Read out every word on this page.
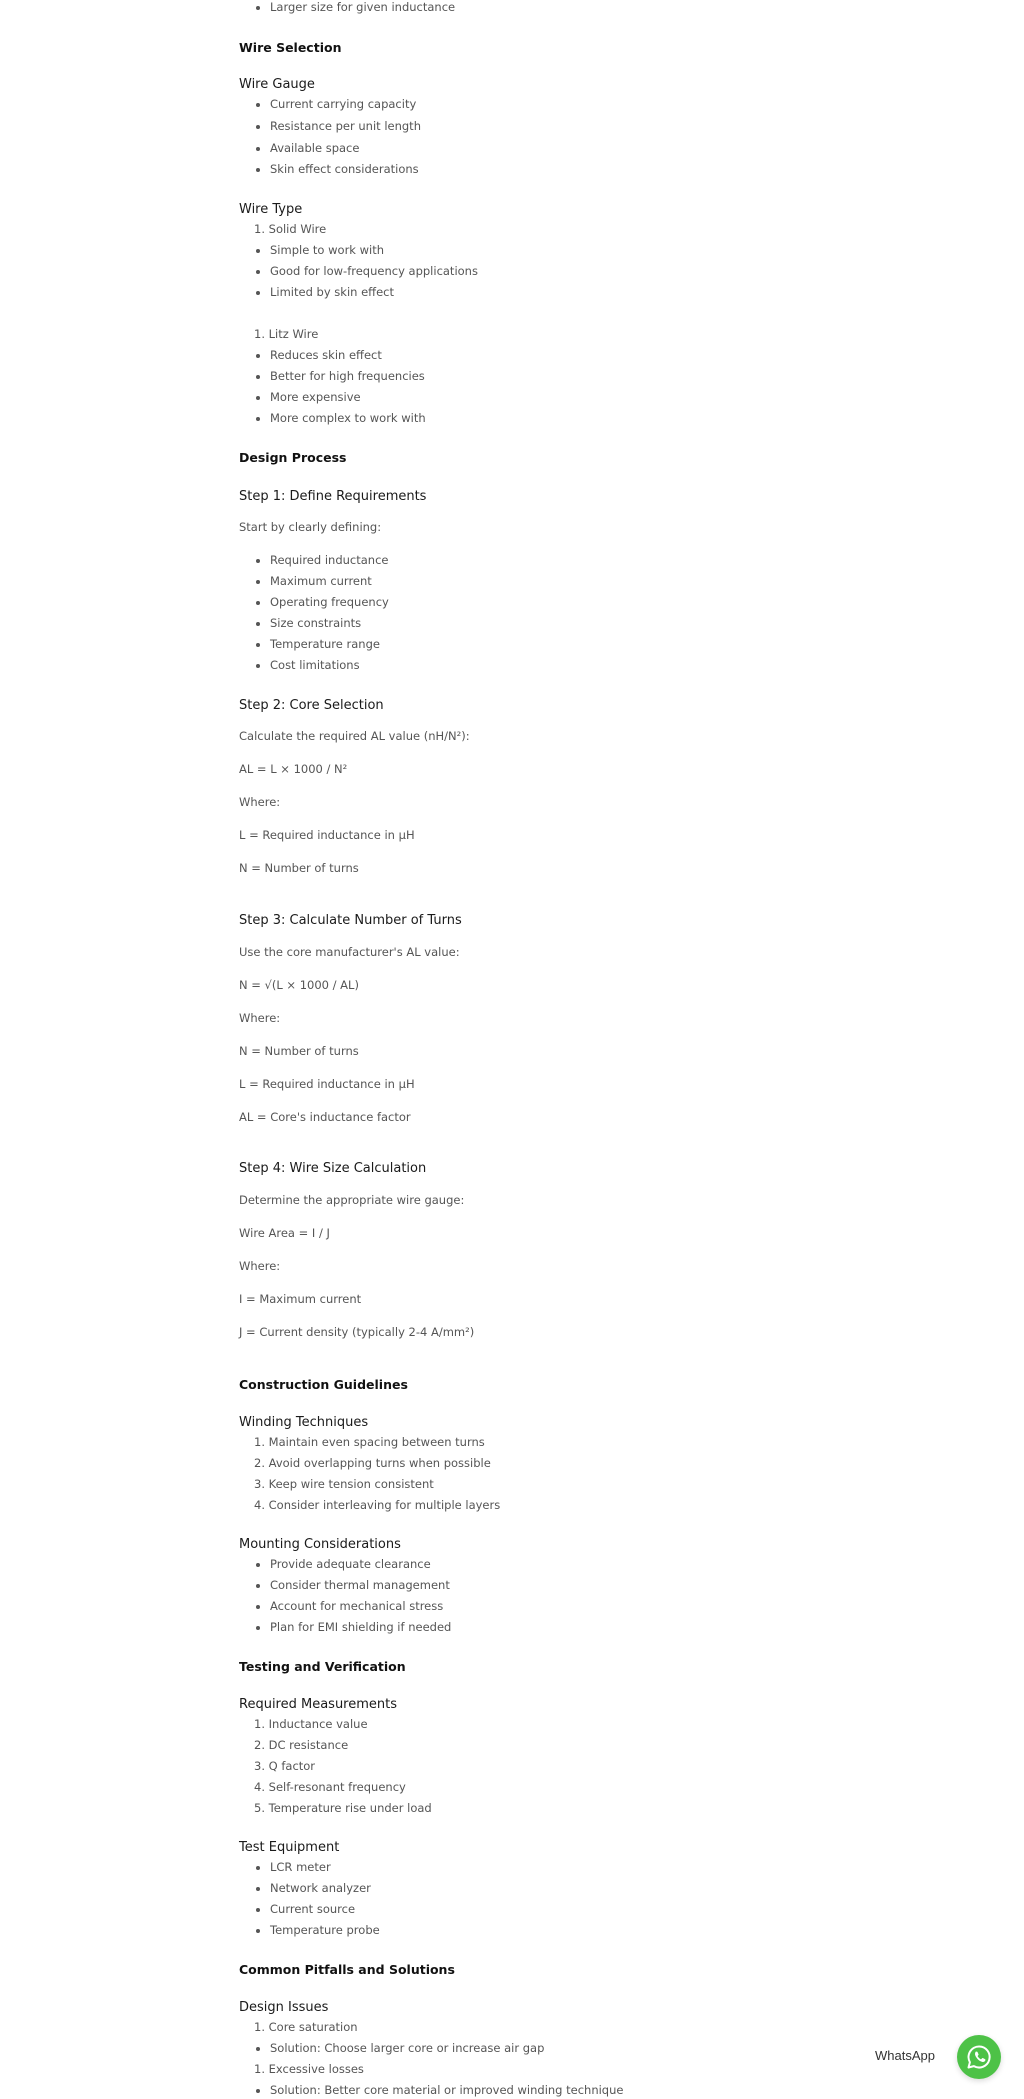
Larger size for given inductance
Wire Selection
Wire Gauge
Current carrying capacity
Resistance per unit length
Available space
Skin effect considerations
Wire Type
1. Solid Wire
Simple to work with
Good for low-frequency applications
Limited by skin effect
1. Litz Wire
Reduces skin effect
Better for high frequencies
More expensive
More complex to work with
Design Process
Step 1: Define Requirements
Start by clearly defining:
Required inductance
Maximum current
Operating frequency
Size constraints
Temperature range
Cost limitations
Step 2: Core Selection
Calculate the required AL value (nH/N²):
AL = L × 1000 / N²
Where:
L = Required inductance in μH
N = Number of turns
Step 3: Calculate Number of Turns
Use the core manufacturer's AL value:
N = √(L × 1000 / AL)
Where:
N = Number of turns
L = Required inductance in μH
AL = Core's inductance factor
Step 4: Wire Size Calculation
Determine the appropriate wire gauge:
Wire Area = I / J
Where:
I = Maximum current
J = Current density (typically 2-4 A/mm²)
Construction Guidelines
Winding Techniques
1. Maintain even spacing between turns
2. Avoid overlapping turns when possible
3. Keep wire tension consistent
4. Consider interleaving for multiple layers
Mounting Considerations
Provide adequate clearance
Consider thermal management
Account for mechanical stress
Plan for EMI shielding if needed
Testing and Verification
Required Measurements
1. Inductance value
2. DC resistance
3. Q factor
4. Self-resonant frequency
5. Temperature rise under load
Test Equipment
LCR meter
Network analyzer
Current source
Temperature probe
Common Pitfalls and Solutions
Design Issues
1. Core saturation
Solution: Choose larger core or increase air gap
1. Excessive losses
Solution: Better core material or improved winding technique
WhatsApp
